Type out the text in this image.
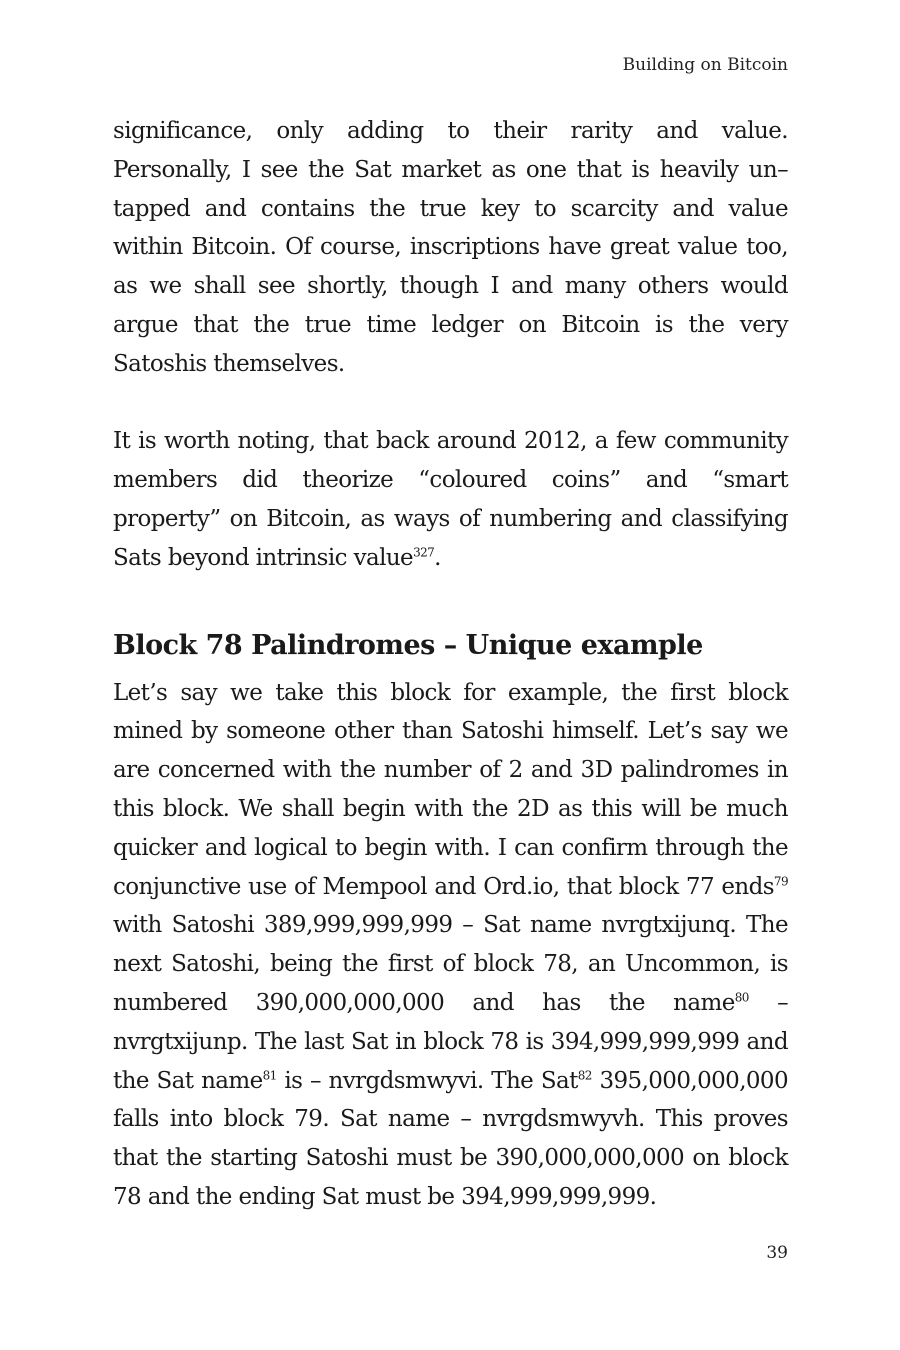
Building on Bitcoin

significance, only adding to their rarity and value. Personally, I see the Sat market as one that is heavily un–tapped and contains the true key to scarcity and value within Bitcoin. Of course, inscriptions have great value too, as we shall see shortly, though I and many others would argue that the true time ledger on Bitcoin is the very Satoshis themselves.

It is worth noting, that back around 2012, a few community members did theorize “coloured coins” and “smart property” on Bitcoin, as ways of numbering and classifying Sats beyond intrinsic value$^{327}$.

Block 78 Palindromes – Unique example

Let’s say we take this block for example, the first block mined by someone other than Satoshi himself. Let’s say we are concerned with the number of 2 and 3D palindromes in this block. We shall begin with the 2D as this will be much quicker and logical to begin with. I can confirm through the conjunctive use of Mempool and Ord.io, that block 77 ends$^{79}$ with Satoshi 389,999,999,999 – Sat name nvrgtxijunq. The next Satoshi, being the first of block 78, an Uncommon, is numbered 390,000,000,000 and has the name$^{80}$ – nvrgtxijunp. The last Sat in block 78 is 394,999,999,999 and the Sat name$^{81}$ is – nvrgdsmwyvi. The Sat$^{82}$ 395,000,000,000 falls into block 79. Sat name – nvrgdsmwyvh. This proves that the starting Satoshi must be 390,000,000,000 on block 78 and the ending Sat must be 394,999,999,999.

39
